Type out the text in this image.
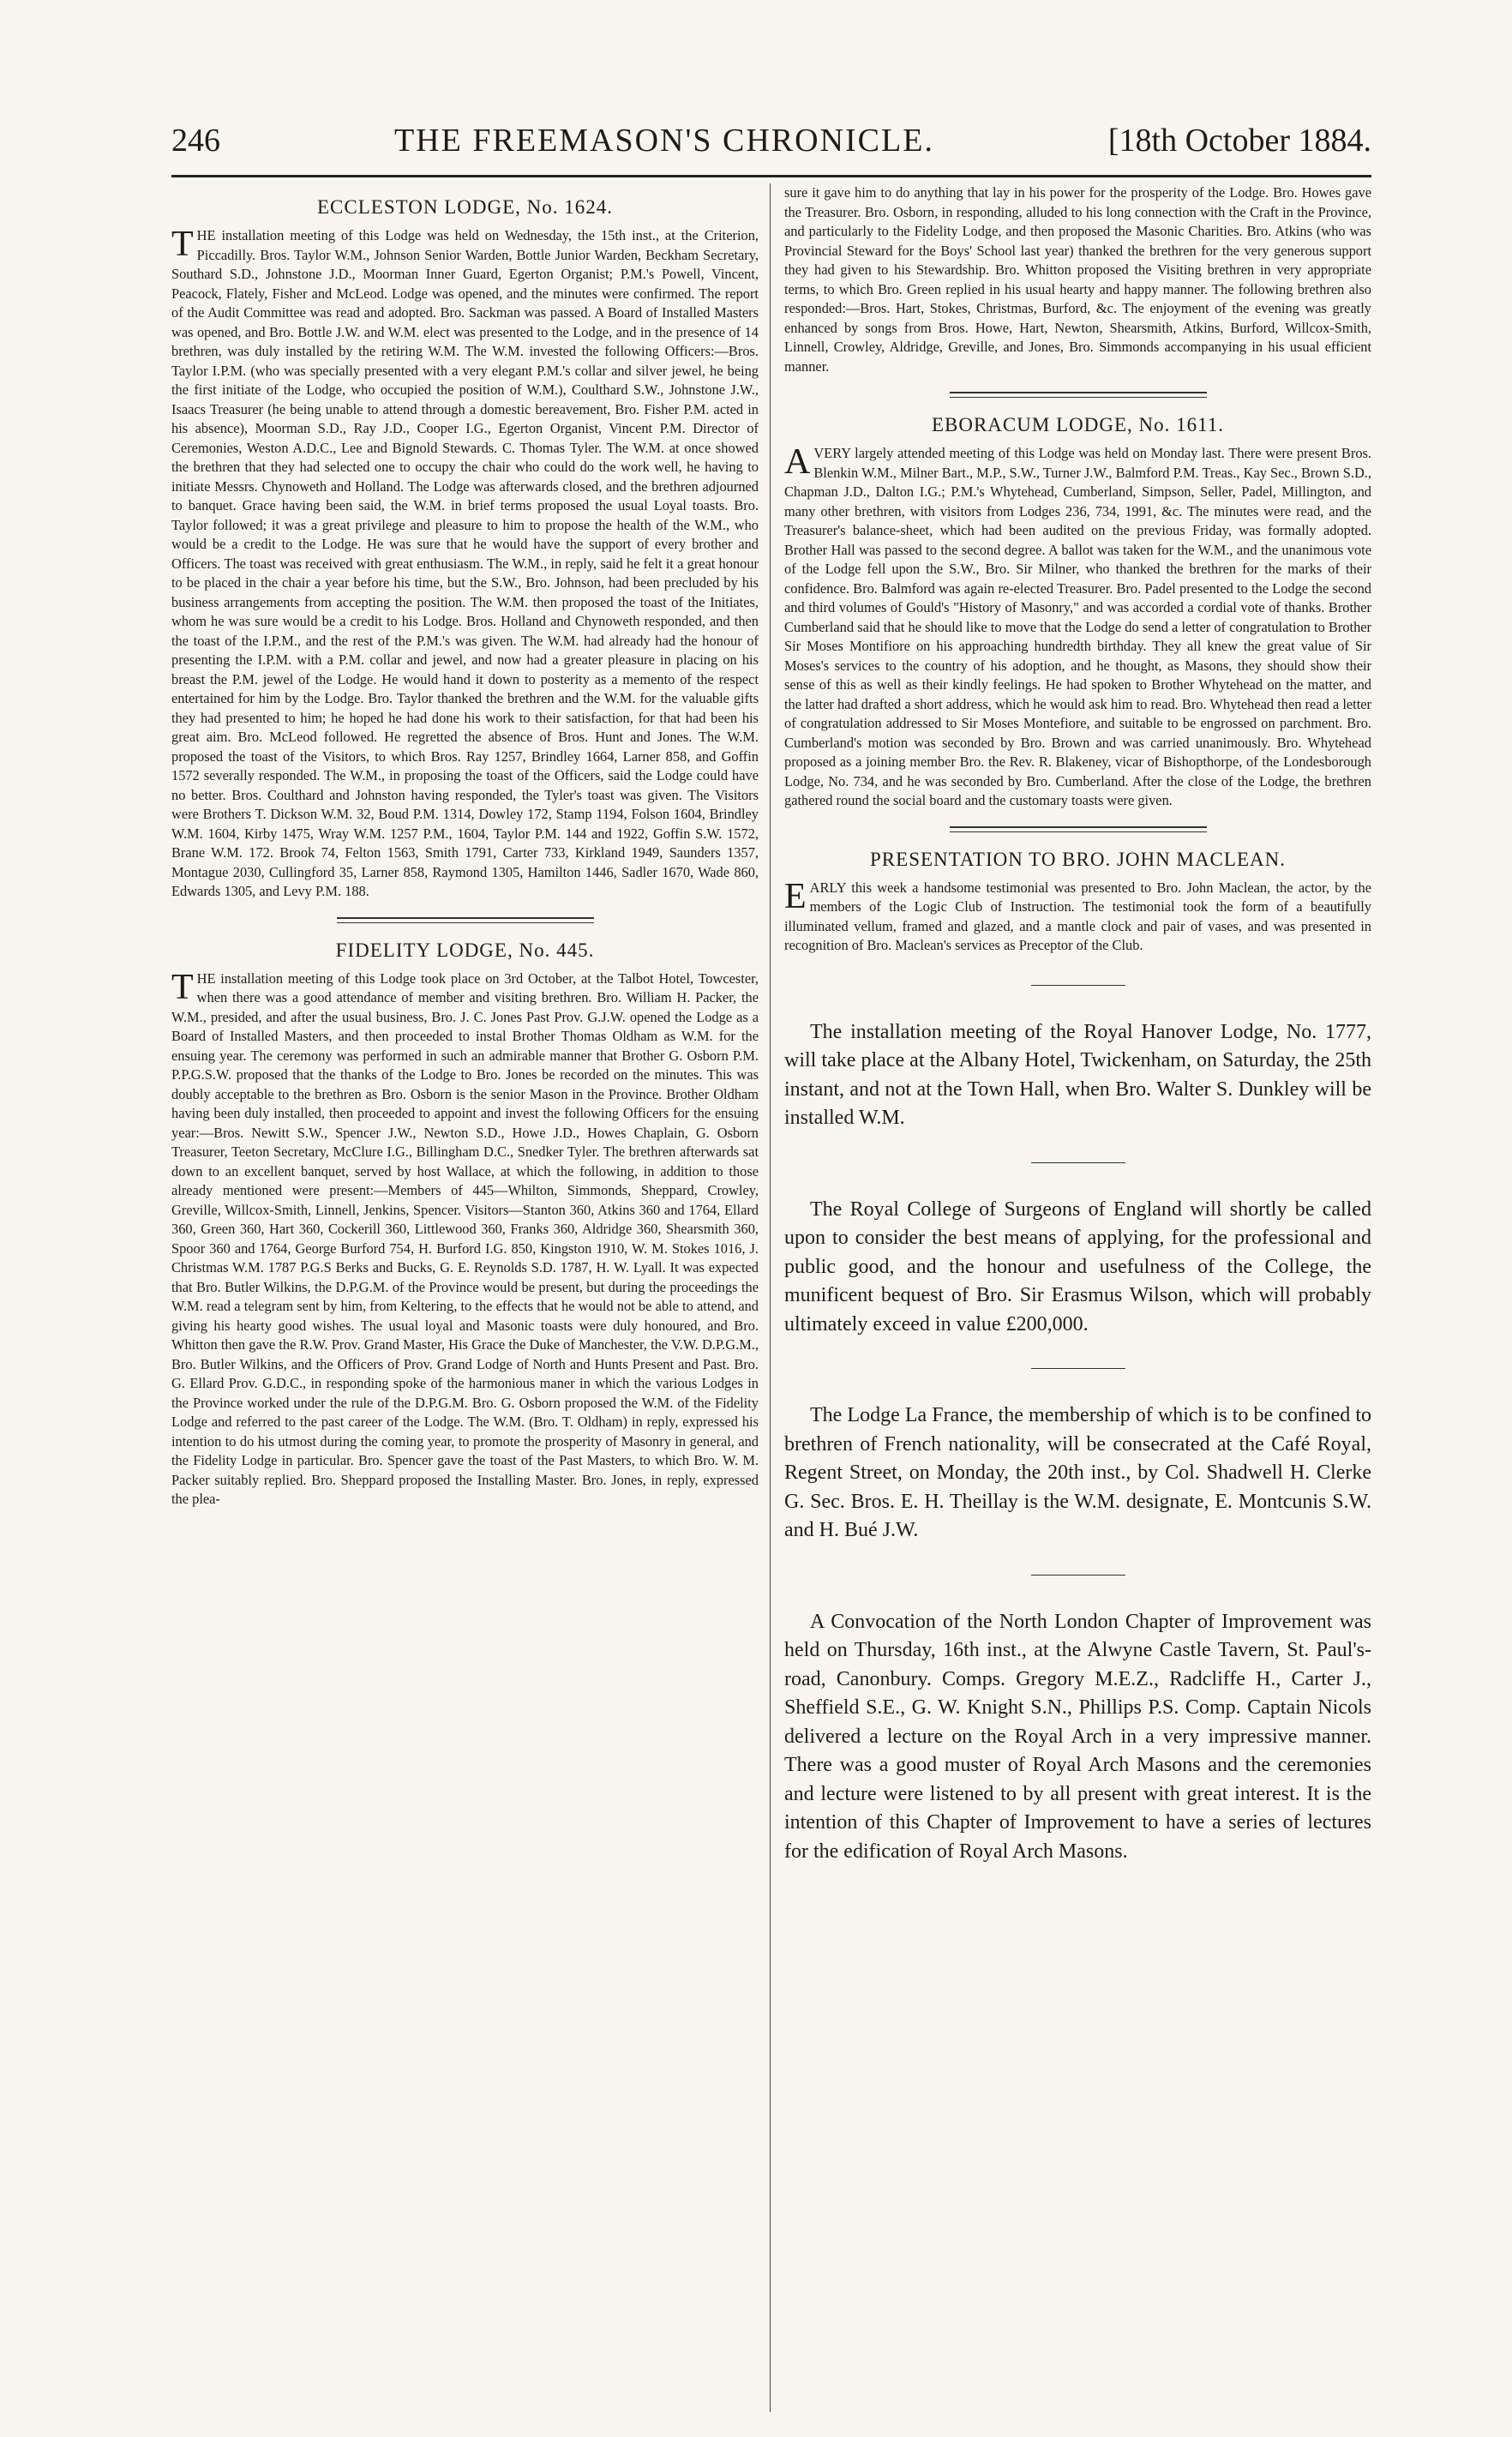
246	THE FREEMASON'S CHRONICLE.	[18th October 1884.
ECCLESTON LODGE, No. 1624.

THE installation meeting of this Lodge was held on Wednesday, the 15th inst., at the Criterion, Piccadilly. Bros. Taylor W.M., Johnson Senior Warden, Bottle Junior Warden, Beckham Secretary, Southard S.D., Johnstone J.D., Moorman Inner Guard, Egerton Organist; P.M.'s Powell, Vincent, Peacock, Flately, Fisher and McLeod. Lodge was opened, and the minutes were confirmed. The report of the Audit Committee was read and adopted. Bro. Sackman was passed. A Board of Installed Masters was opened, and Bro. Bottle J.W. and W.M. elect was presented to the Lodge, and in the presence of 14 brethren, was duly installed by the retiring W.M. The W.M. invested the following Officers:—Bros. Taylor I.P.M. (who was specially presented with a very elegant P.M.'s collar and silver jewel, he being the first initiate of the Lodge, who occupied the position of W.M.), Coulthard S.W., Johnstone J.W., Isaacs Treasurer (he being unable to attend through a domestic bereavement, Bro. Fisher P.M. acted in his absence), Moorman S.D., Ray J.D., Cooper I.G., Egerton Organist, Vincent P.M. Director of Ceremonies, Weston A.D.C., Lee and Bignold Stewards. C. Thomas Tyler. The W.M. at once showed the brethren that they had selected one to occupy the chair who could do the work well, he having to initiate Messrs. Chynoweth and Holland. The Lodge was afterwards closed, and the brethren adjourned to banquet. Grace having been said, the W.M. in brief terms proposed the usual Loyal toasts. Bro. Taylor followed; it was a great privilege and pleasure to him to propose the health of the W.M., who would be a credit to the Lodge. He was sure that he would have the support of every brother and Officers. The toast was received with great enthusiasm. The W.M., in reply, said he felt it a great honour to be placed in the chair a year before his time, but the S.W., Bro. Johnson, had been precluded by his business arrangements from accepting the position. The W.M. then proposed the toast of the Initiates, whom he was sure would be a credit to his Lodge. Bros. Holland and Chynoweth responded, and then the toast of the I.P.M., and the rest of the P.M.'s was given. The W.M. had already had the honour of presenting the I.P.M. with a P.M. collar and jewel, and now had a greater pleasure in placing on his breast the P.M. jewel of the Lodge. He would hand it down to posterity as a memento of the respect entertained for him by the Lodge. Bro. Taylor thanked the brethren and the W.M. for the valuable gifts they had presented to him; he hoped he had done his work to their satisfaction, for that had been his great aim. Bro. McLeod followed. He regretted the absence of Bros. Hunt and Jones. The W.M. proposed the toast of the Visitors, to which Bros. Ray 1257, Brindley 1664, Larner 858, and Goffin 1572 severally responded. The W.M., in proposing the toast of the Officers, said the Lodge could have no better. Bros. Coulthard and Johnston having responded, the Tyler's toast was given. The Visitors were Brothers T. Dickson W.M. 32, Boud P.M. 1314, Dowley 172, Stamp 1194, Folson 1604, Brindley W.M. 1604, Kirby 1475, Wray W.M. 1257 P.M., 1604, Taylor P.M. 144 and 1922, Goffin S.W. 1572, Brane W.M. 172. Brook 74, Felton 1563, Smith 1791, Carter 733, Kirkland 1949, Saunders 1357, Montague 2030, Cullingford 35, Larner 858, Raymond 1305, Hamilton 1446, Sadler 1670, Wade 860, Edwards 1305, and Levy P.M. 188.

FIDELITY LODGE, No. 445.

THE installation meeting of this Lodge took place on 3rd October, at the Talbot Hotel, Towcester, when there was a good attendance of member and visiting brethren. Bro. William H. Packer, the W.M., presided, and after the usual business, Bro. J. C. Jones Past Prov. G.J.W. opened the Lodge as a Board of Installed Masters, and then proceeded to instal Brother Thomas Oldham as W.M. for the ensuing year. The ceremony was performed in such an admirable manner that Brother G. Osborn P.M. P.P.G.S.W. proposed that the thanks of the Lodge to Bro. Jones be recorded on the minutes. This was doubly acceptable to the brethren as Bro. Osborn is the senior Mason in the Province. Brother Oldham having been duly installed, then proceeded to appoint and invest the following Officers for the ensuing year:—Bros. Newitt S.W., Spencer J.W., Newton S.D., Howe J.D., Howes Chaplain, G. Osborn Treasurer, Teeton Secretary, McClure I.G., Billingham D.C., Snedker Tyler. The brethren afterwards sat down to an excellent banquet, served by host Wallace, at which the following, in addition to those already mentioned were present:—Members of 445—Whilton, Simmonds, Sheppard, Crowley, Greville, Willcox-Smith, Linnell, Jenkins, Spencer. Visitors—Stanton 360, Atkins 360 and 1764, Ellard 360, Green 360, Hart 360, Cockerill 360, Littlewood 360, Franks 360, Aldridge 360, Shearsmith 360, Spoor 360 and 1764, George Burford 754, H. Burford I.G. 850, Kingston 1910, W. M. Stokes 1016, J. Christmas W.M. 1787 P.G.S Berks and Bucks, G. E. Reynolds S.D. 1787, H. W. Lyall. It was expected that Bro. Butler Wilkins, the D.P.G.M. of the Province would be present, but during the proceedings the W.M. read a telegram sent by him, from Keltering, to the effects that he would not be able to attend, and giving his hearty good wishes. The usual loyal and Masonic toasts were duly honoured, and Bro. Whitton then gave the R.W. Prov. Grand Master, His Grace the Duke of Manchester, the V.W. D.P.G.M., Bro. Butler Wilkins, and the Officers of Prov. Grand Lodge of North and Hunts Present and Past. Bro. G. Ellard Prov. G.D.C., in responding spoke of the harmonious maner in which the various Lodges in the Province worked under the rule of the D.P.G.M. Bro. G. Osborn proposed the W.M. of the Fidelity Lodge and referred to the past career of the Lodge. The W.M. (Bro. T. Oldham) in reply, expressed his intention to do his utmost during the coming year, to promote the prosperity of Masonry in general, and the Fidelity Lodge in particular. Bro. Spencer gave the toast of the Past Masters, to which Bro. W. M. Packer suitably replied. Bro. Sheppard proposed the Installing Master. Bro. Jones, in reply, expressed the plea-

sure it gave him to do anything that lay in his power for the prosperity of the Lodge. Bro. Howes gave the Treasurer. Bro. Osborn, in responding, alluded to his long connection with the Craft in the Province, and particularly to the Fidelity Lodge, and then proposed the Masonic Charities. Bro. Atkins (who was Provincial Steward for the Boys' School last year) thanked the brethren for the very generous support they had given to his Stewardship. Bro. Whitton proposed the Visiting brethren in very appropriate terms, to which Bro. Green replied in his usual hearty and happy manner. The following brethren also responded:—Bros. Hart, Stokes, Christmas, Burford, &c. The enjoyment of the evening was greatly enhanced by songs from Bros. Howe, Hart, Newton, Shearsmith, Atkins, Burford, Willcox-Smith, Linnell, Crowley, Aldridge, Greville, and Jones, Bro. Simmonds accompanying in his usual efficient manner.

EBORACUM LODGE, No. 1611.

AVERY largely attended meeting of this Lodge was held on Monday last. There were present Bros. Blenkin W.M., Milner Bart., M.P., S.W., Turner J.W., Balmford P.M. Treas., Kay Sec., Brown S.D., Chapman J.D., Dalton I.G.; P.M.'s Whytehead, Cumberland, Simpson, Seller, Padel, Millington, and many other brethren, with visitors from Lodges 236, 734, 1991, &c. The minutes were read, and the Treasurer's balance-sheet, which had been audited on the previous Friday, was formally adopted. Brother Hall was passed to the second degree. A ballot was taken for the W.M., and the unanimous vote of the Lodge fell upon the S.W., Bro. Sir Milner, who thanked the brethren for the marks of their confidence. Bro. Balmford was again re-elected Treasurer. Bro. Padel presented to the Lodge the second and third volumes of Gould's "History of Masonry," and was accorded a cordial vote of thanks. Brother Cumberland said that he should like to move that the Lodge do send a letter of congratulation to Brother Sir Moses Montifiore on his approaching hundredth birthday. They all knew the great value of Sir Moses's services to the country of his adoption, and he thought, as Masons, they should show their sense of this as well as their kindly feelings. He had spoken to Brother Whytehead on the matter, and the latter had drafted a short address, which he would ask him to read. Bro. Whytehead then read a letter of congratulation addressed to Sir Moses Montefiore, and suitable to be engrossed on parchment. Bro. Cumberland's motion was seconded by Bro. Brown and was carried unanimously. Bro. Whytehead proposed as a joining member Bro. the Rev. R. Blakeney, vicar of Bishopthorpe, of the Londesborough Lodge, No. 734, and he was seconded by Bro. Cumberland. After the close of the Lodge, the brethren gathered round the social board and the customary toasts were given.

PRESENTATION TO BRO. JOHN MACLEAN.

EARLY this week a handsome testimonial was presented to Bro. John Maclean, the actor, by the members of the Logic Club of Instruction. The testimonial took the form of a beautifully illuminated vellum, framed and glazed, and a mantle clock and pair of vases, and was presented in recognition of Bro. Maclean's services as Preceptor of the Club.

The installation meeting of the Royal Hanover Lodge, No. 1777, will take place at the Albany Hotel, Twickenham, on Saturday, the 25th instant, and not at the Town Hall, when Bro. Walter S. Dunkley will be installed W.M.

The Royal College of Surgeons of England will shortly be called upon to consider the best means of applying, for the professional and public good, and the honour and usefulness of the College, the munificent bequest of Bro. Sir Erasmus Wilson, which will probably ultimately exceed in value £200,000.

The Lodge La France, the membership of which is to be confined to brethren of French nationality, will be consecrated at the Café Royal, Regent Street, on Monday, the 20th inst., by Col. Shadwell H. Clerke G. Sec. Bros. E. H. Theillay is the W.M. designate, E. Montcunis S.W. and H. Bué J.W.

A Convocation of the North London Chapter of Improvement was held on Thursday, 16th inst., at the Alwyne Castle Tavern, St. Paul's-road, Canonbury. Comps. Gregory M.E.Z., Radcliffe H., Carter J., Sheffield S.E., G. W. Knight S.N., Phillips P.S. Comp. Captain Nicols delivered a lecture on the Royal Arch in a very impressive manner. There was a good muster of Royal Arch Masons and the ceremonies and lecture were listened to by all present with great interest. It is the intention of this Chapter of Improvement to have a series of lectures for the edification of Royal Arch Masons.
